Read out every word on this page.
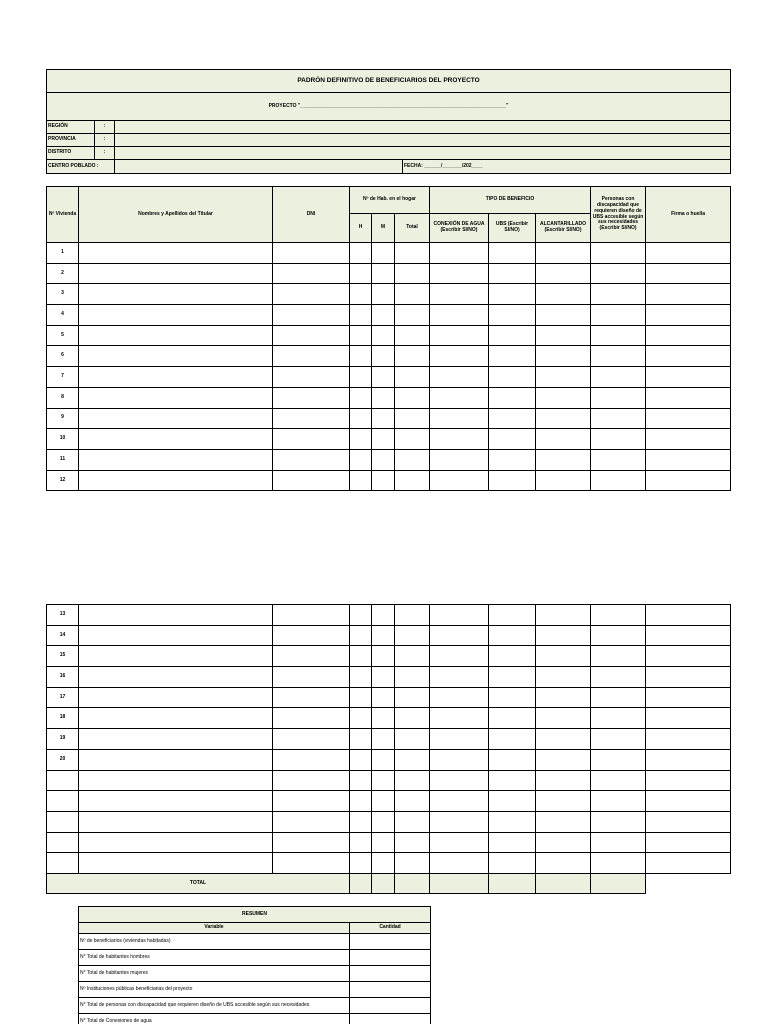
PADRÓN DEFINITIVO DE BENEFICIARIOS DEL PROYECTO			
PROYECTO "__________________________________________________________________________"			
REGIÓN	:		
PROVINCIA	:		
DISTRITO	:		
CENTRO POBLADO :			FECHA: ______/_______/202____
Nº Vivienda	Nombres y Apellidos del Titular	DNI	Nº de Hab. en el hogar			TIPO DE BENEFICIO			Personas con discapacidad que requieren diseño de UBS accesible según sus necesidades (Escribir SI/NO)	Firma o huella
			H	M	Total	CONEXIÓN DE AGUA (Escribir SI/NO)	UBS (Escribir SI/NO)	ALCANTARILLADO (Escribir SI/NO)		
1										
2										
3										
4										
5										
6										
7										
8										
9										
10										
11										
12										
13										
14										
15										
16										
17										
18										
19										
20										

TOTAL										
RESUMEN	
Variable	Cantidad
Nº de beneficiarios (viviendas habitadas)	
N° Total de habitantes hombres	
N° Total de habitantes mujeres	
Nº Instituciones públicas beneficiarias del proyecto	
N° Total de personas con discapacidad que requieren diseño de UBS accesible según sus necesidades	
N° Total de Conexiones de agua	
